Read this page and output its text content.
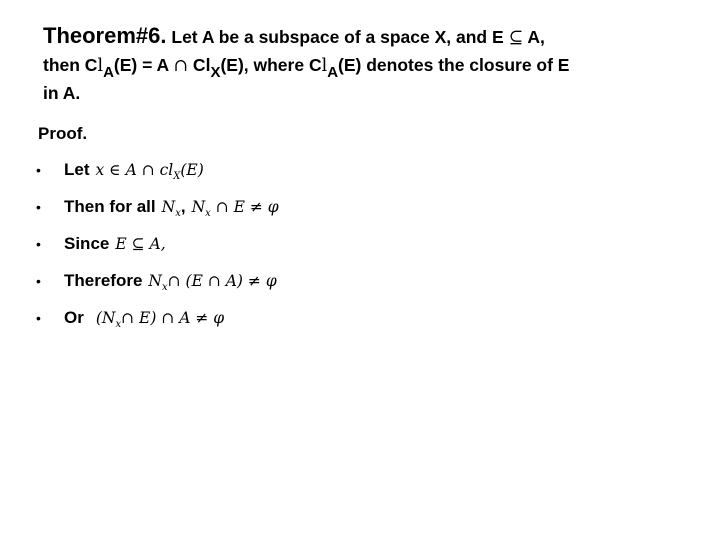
Theorem#6. Let A be a subspace of a space X, and E ⊆ A,
then ClA(E) = A ∩ ClX(E), where ClA(E) denotes the closure of E
in A.
Proof.
•	Let x ∈ A ∩ $cl_X(E)$
•	Then for all $N_x$ , $N_x$ ∩ E ≠ φ
•	Since E ⊆ A,
•	Therefore $N_x\cap$ (E ∩ A) ≠ φ
•	Or ($N_x\cap$ E) ∩ A ≠ φ
